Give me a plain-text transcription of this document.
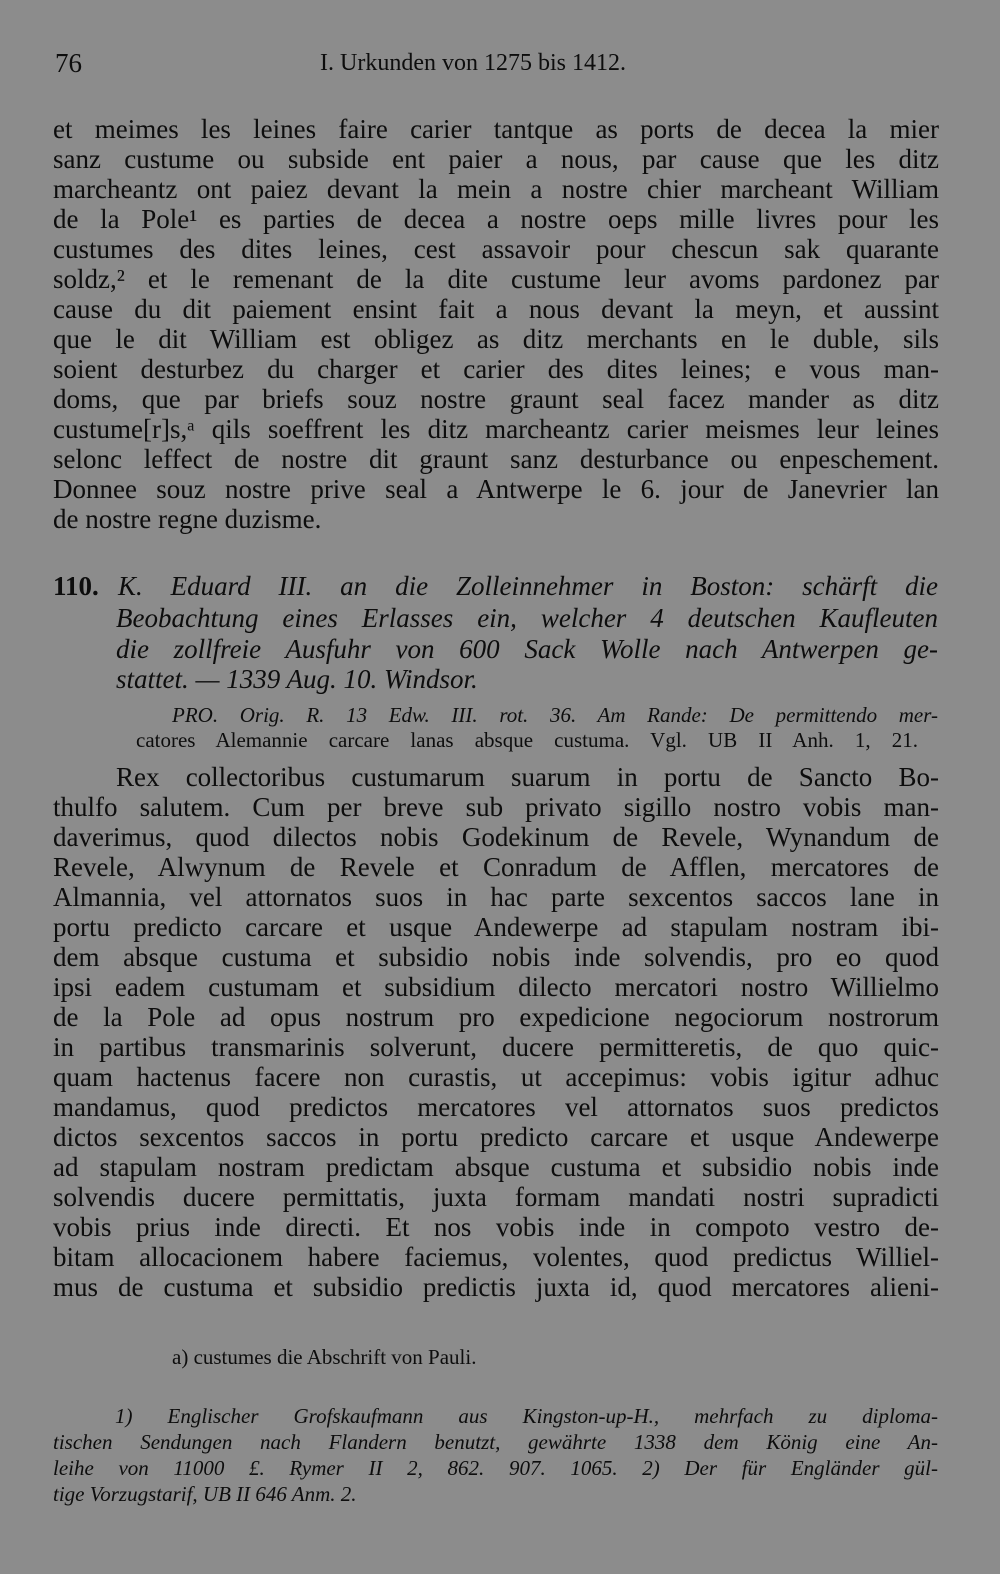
76	I. Urkunden von 1275 bis 1412.
et meimes les leines faire carier tantque as ports de decea la mier
sanz custume ou subside ent paier a nous, par cause que les ditz
marcheantz ont paiez devant la mein a nostre chier marcheant William
de la Pole¹ es parties de decea a nostre oeps mille livres pour les
custumes des dites leines, cest assavoir pour chescun sak quarante
soldz,² et le remenant de la dite custume leur avoms pardonez par
cause du dit paiement ensint fait a nous devant la meyn, et aussint
que le dit William est obligez as ditz merchants en le duble, sils
soient desturbez du charger et carier des dites leines; e vous man-
doms, que par briefs souz nostre graunt seal facez mander as ditz
custume[r]s,ᵃ qils soeffrent les ditz marcheantz carier meismes leur leines
selonc leffect de nostre dit graunt sanz desturbance ou enpeschement.
Donnee souz nostre prive seal a Antwerpe le 6. jour de Janevrier lan
de nostre regne duzisme.
110. K. Eduard III. an die Zolleinnehmer in Boston: schärft die
Beobachtung eines Erlasses ein, welcher 4 deutschen Kaufleuten
die zollfreie Ausfuhr von 600 Sack Wolle nach Antwerpen ge-
stattet. — 1339 Aug. 10. Windsor.
PRO. Orig. R. 13 Edw. III. rot. 36. Am Rande: De permittendo mer-
catores Alemannie carcare lanas absque custuma. Vgl. UB II Anh. 1, 21.
Rex collectoribus custumarum suarum in portu de Sancto Bo-
thulfo salutem. Cum per breve sub privato sigillo nostro vobis man-
daverimus, quod dilectos nobis Godekinum de Revele, Wynandum de
Revele, Alwynum de Revele et Conradum de Afflen, mercatores de
Almannia, vel attornatos suos in hac parte sexcentos saccos lane in
portu predicto carcare et usque Andewerpe ad stapulam nostram ibi-
dem absque custuma et subsidio nobis inde solvendis, pro eo quod
ipsi eadem custumam et subsidium dilecto mercatori nostro Willielmo
de la Pole ad opus nostrum pro expedicione negociorum nostrorum
in partibus transmarinis solverunt, ducere permitteretis, de quo quic-
quam hactenus facere non curastis, ut accepimus: vobis igitur adhuc
mandamus, quod predictos mercatores vel attornatos suos predictos
dictos sexcentos saccos in portu predicto carcare et usque Andewerpe
ad stapulam nostram predictam absque custuma et subsidio nobis inde
solvendis ducere permittatis, juxta formam mandati nostri supradicti
vobis prius inde directi. Et nos vobis inde in compoto vestro de-
bitam allocacionem habere faciemus, volentes, quod predictus Williel-
mus de custuma et subsidio predictis juxta id, quod mercatores alieni-
a) custumes die Abschrift von Pauli.
1) Englischer Grofskaufmann aus Kingston-up-H., mehrfach zu diploma-
tischen Sendungen nach Flandern benutzt, gewährte 1338 dem König eine An-
leihe von 11000 £. Rymer II 2, 862. 907. 1065. 2) Der für Engländer gül-
tige Vorzugstarif, UB II 646 Anm. 2.
